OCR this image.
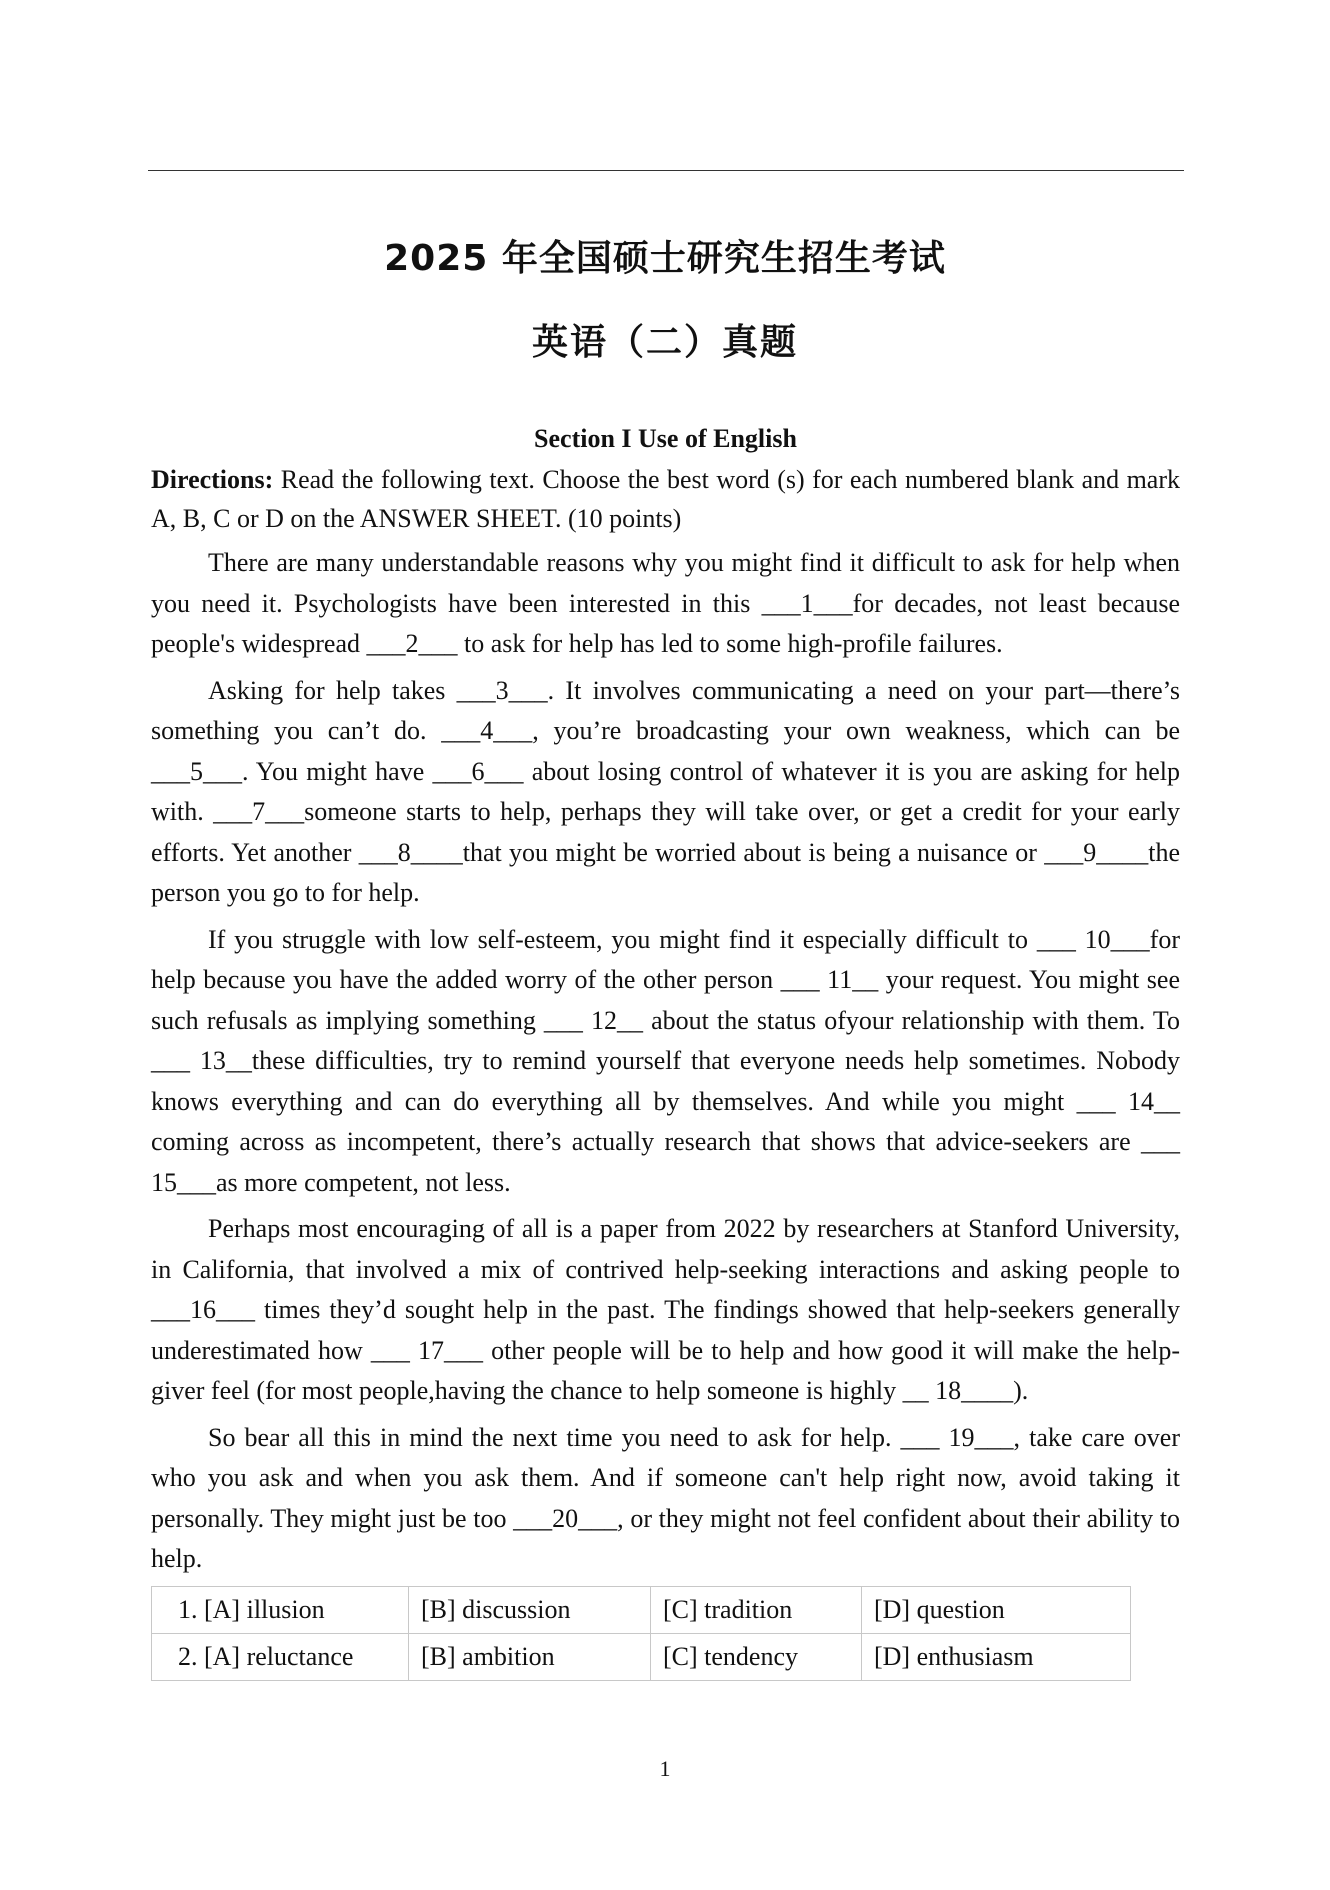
2025 年全国硕士研究生招生考试
英语（二）真题
Section I Use of English

Directions: Read the following text. Choose the best word (s) for each numbered blank and mark A, B, C or D on the ANSWER SHEET. (10 points)

There are many understandable reasons why you might find it difficult to ask for help when you need it. Psychologists have been interested in this ___1___for decades, not least because people's widespread ___2___ to ask for help has led to some high-profile failures.

Asking for help takes ___3___. It involves communicating a need on your part—there’s something you can’t do. ___4___, you’re broadcasting your own weakness, which can be ___5___. You might have ___6___ about losing control of whatever it is you are asking for help with. ___7___someone starts to help, perhaps they will take over, or get a credit for your early efforts. Yet another ___8____that you might be worried about is being a nuisance or ___9____the person you go to for help.

If you struggle with low self-esteem, you might find it especially difficult to ___ 10___for help because you have the added worry of the other person ___ 11__ your request. You might see such refusals as implying something ___ 12__ about the status ofyour relationship with them. To ___ 13__these difficulties, try to remind yourself that everyone needs help sometimes. Nobody knows everything and can do everything all by themselves. And while you might ___ 14__ coming across as incompetent, there’s actually research that shows that advice-seekers are ___ 15___as more competent, not less.

Perhaps most encouraging of all is a paper from 2022 by researchers at Stanford University, in California, that involved a mix of contrived help-seeking interactions and asking people to ___16___ times they’d sought help in the past. The findings showed that help-seekers generally underestimated how ___ 17___ other people will be to help and how good it will make the help-giver feel (for most people,having the chance to help someone is highly __ 18____).

So bear all this in mind the next time you need to ask for help. ___ 19___, take care over who you ask and when you ask them. And if someone can't help right now, avoid taking it personally. They might just be too ___20___, or they might not feel confident about their ability to help.

1. [A] illusion	[B] discussion	[C] tradition	[D] question
2. [A] reluctance	[B] ambition	[C] tendency	[D] enthusiasm
1
